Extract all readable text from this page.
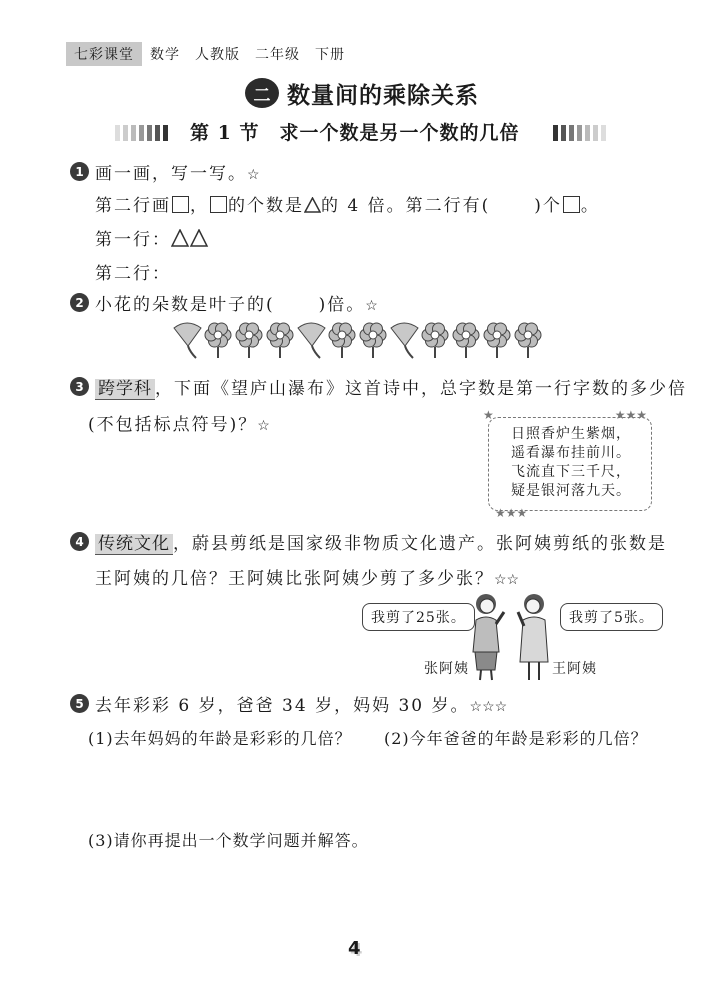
七彩课堂	数学　人教版　二年级　下册
二 数量间的乘除关系
第 1 节　求一个数是另一个数的几倍
1 画一画，写一写。☆
第二行画 ， 的个数是 的 4 倍。第二行有(	)个 。
第一行：
第二行：
2 小花的朵数是叶子的(	)倍。☆
3 跨学科 ，下面《望庐山瀑布》这首诗中，总字数是第一行字数的多少倍
(不包括标点符号)？☆
★	★★★
★★★
日照香炉生紫烟，
遥看瀑布挂前川。
飞流直下三千尺，
疑是银河落九天。
4 传统文化 ，蔚县剪纸是国家级非物质文化遗产。张阿姨剪纸的张数是
王阿姨的几倍？王阿姨比张阿姨少剪了多少张？☆☆
我剪了25张。	我剪了5张。
张阿姨	王阿姨
5 去年彩彩 6 岁，爸爸 34 岁，妈妈 30 岁。☆☆☆
(1)去年妈妈的年龄是彩彩的几倍？ (2)今年爸爸的年龄是彩彩的几倍？
(3)请你再提出一个数学问题并解答。
4
